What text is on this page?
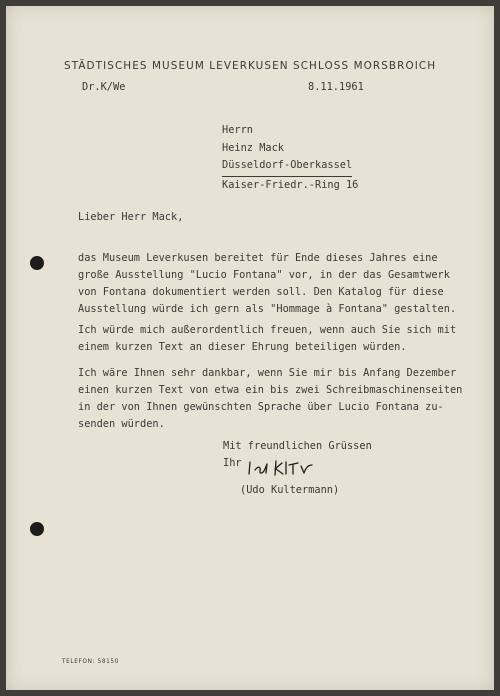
STÄDTISCHES MUSEUM LEVERKUSEN SCHLOSS MORSBROICH
Dr.K/We	8.11.1961
Herrn
Heinz Mack
Düsseldorf-Oberkassel
Kaiser-Friedr.-Ring 16
Lieber Herr Mack,
das Museum Leverkusen bereitet für Ende dieses Jahres eine
große Ausstellung "Lucio Fontana" vor, in der das Gesamtwerk
von Fontana dokumentiert werden soll. Den Katalog für diese
Ausstellung würde ich gern als "Hommage à Fontana" gestalten.
Ich würde mich außerordentlich freuen, wenn auch Sie sich mit
einem kurzen Text an dieser Ehrung beteiligen würden.
Ich wäre Ihnen sehr dankbar, wenn Sie mir bis Anfang Dezember
einen kurzen Text von etwa ein bis zwei Schreibmaschinenseiten
in der von Ihnen gewünschten Sprache über Lucio Fontana zu-
senden würden.
Mit freundlichen Grüssen
Ihr
(Udo Kultermann)
TELEFON: 58150
